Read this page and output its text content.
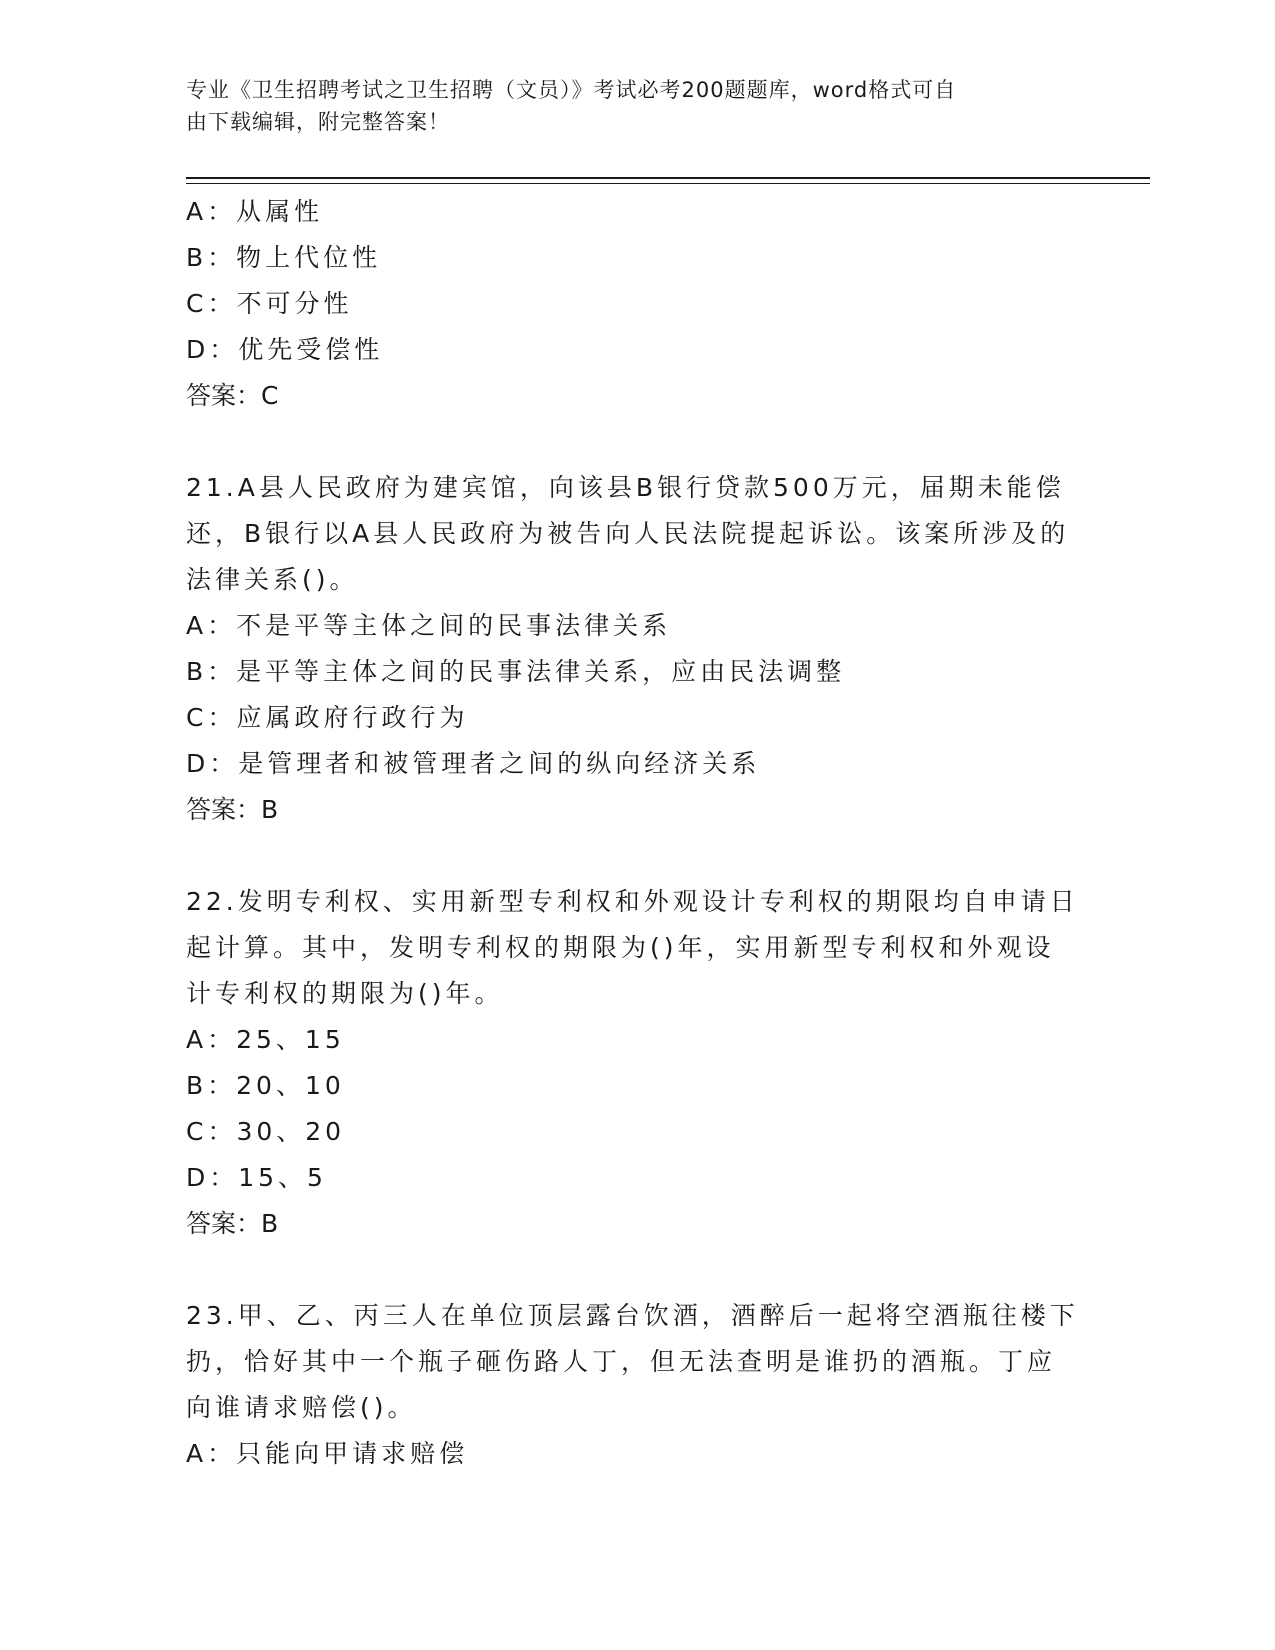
专业《卫生招聘考试之卫生招聘（文员）》考试必考200题题库，word格式可自
由下载编辑，附完整答案！
A：从属性
B：物上代位性
C：不可分性
D：优先受偿性
答案：C
21.A县人民政府为建宾馆，向该县B银行贷款500万元，届期未能偿
还，B银行以A县人民政府为被告向人民法院提起诉讼。该案所涉及的
法律关系()。
A：不是平等主体之间的民事法律关系
B：是平等主体之间的民事法律关系，应由民法调整
C：应属政府行政行为
D：是管理者和被管理者之间的纵向经济关系
答案：B
22.发明专利权、实用新型专利权和外观设计专利权的期限均自申请日
起计算。其中，发明专利权的期限为()年，实用新型专利权和外观设
计专利权的期限为()年。
A：25、15
B：20、10
C：30、20
D：15、5
答案：B
23.甲、乙、丙三人在单位顶层露台饮酒，酒醉后一起将空酒瓶往楼下
扔，恰好其中一个瓶子砸伤路人丁，但无法查明是谁扔的酒瓶。丁应
向谁请求赔偿()。
A：只能向甲请求赔偿
